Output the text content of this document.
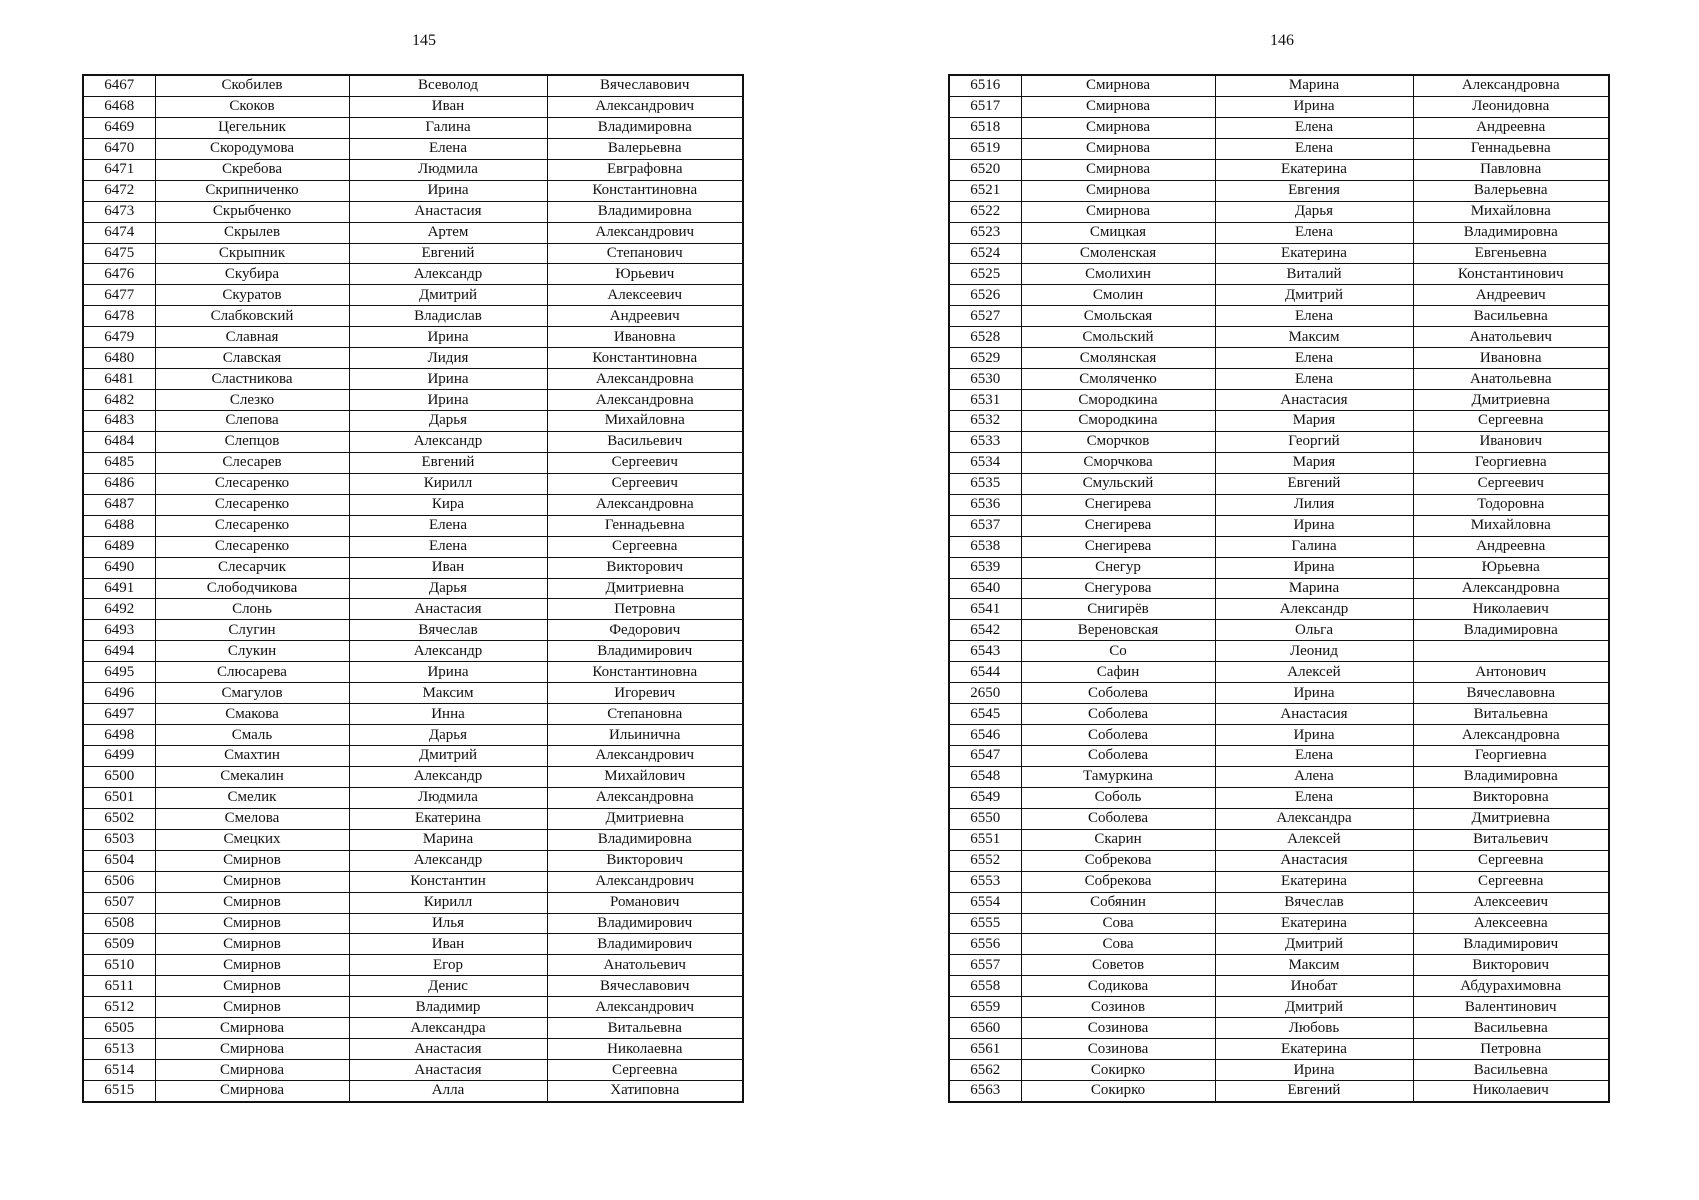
145
6467	Скобилев	Всеволод	Вячеславович
6468	Скоков	Иван	Александрович
6469	Цегельник	Галина	Владимировна
6470	Скородумова	Елена	Валерьевна
6471	Скребова	Людмила	Евграфовна
6472	Скрипниченко	Ирина	Константиновна
6473	Скрыбченко	Анастасия	Владимировна
6474	Скрылев	Артем	Александрович
6475	Скрыпник	Евгений	Степанович
6476	Скубира	Александр	Юрьевич
6477	Скуратов	Дмитрий	Алексеевич
6478	Слабковский	Владислав	Андреевич
6479	Славная	Ирина	Ивановна
6480	Славская	Лидия	Константиновна
6481	Сластникова	Ирина	Александровна
6482	Слезко	Ирина	Александровна
6483	Слепова	Дарья	Михайловна
6484	Слепцов	Александр	Васильевич
6485	Слесарев	Евгений	Сергеевич
6486	Слесаренко	Кирилл	Сергеевич
6487	Слесаренко	Кира	Александровна
6488	Слесаренко	Елена	Геннадьевна
6489	Слесаренко	Елена	Сергеевна
6490	Слесарчик	Иван	Викторович
6491	Слободчикова	Дарья	Дмитриевна
6492	Слонь	Анастасия	Петровна
6493	Слугин	Вячеслав	Федорович
6494	Слукин	Александр	Владимирович
6495	Слюсарева	Ирина	Константиновна
6496	Смагулов	Максим	Игоревич
6497	Смакова	Инна	Степановна
6498	Смаль	Дарья	Ильинична
6499	Смахтин	Дмитрий	Александрович
6500	Смекалин	Александр	Михайлович
6501	Смелик	Людмила	Александровна
6502	Смелова	Екатерина	Дмитриевна
6503	Смецких	Марина	Владимировна
6504	Смирнов	Александр	Викторович
6506	Смирнов	Константин	Александрович
6507	Смирнов	Кирилл	Романович
6508	Смирнов	Илья	Владимирович
6509	Смирнов	Иван	Владимирович
6510	Смирнов	Егор	Анатольевич
6511	Смирнов	Денис	Вячеславович
6512	Смирнов	Владимир	Александрович
6505	Смирнова	Александра	Витальевна
6513	Смирнова	Анастасия	Николаевна
6514	Смирнова	Анастасия	Сергеевна
6515	Смирнова	Алла	Хатиповна
146
6516	Смирнова	Марина	Александровна
6517	Смирнова	Ирина	Леонидовна
6518	Смирнова	Елена	Андреевна
6519	Смирнова	Елена	Геннадьевна
6520	Смирнова	Екатерина	Павловна
6521	Смирнова	Евгения	Валерьевна
6522	Смирнова	Дарья	Михайловна
6523	Смицкая	Елена	Владимировна
6524	Смоленская	Екатерина	Евгеньевна
6525	Смолихин	Виталий	Константинович
6526	Смолин	Дмитрий	Андреевич
6527	Смольская	Елена	Васильевна
6528	Смольский	Максим	Анатольевич
6529	Смолянская	Елена	Ивановна
6530	Смоляченко	Елена	Анатольевна
6531	Смородкина	Анастасия	Дмитриевна
6532	Смородкина	Мария	Сергеевна
6533	Сморчков	Георгий	Иванович
6534	Сморчкова	Мария	Георгиевна
6535	Смульский	Евгений	Сергеевич
6536	Снегирева	Лилия	Тодоровна
6537	Снегирева	Ирина	Михайловна
6538	Снегирева	Галина	Андреевна
6539	Снегур	Ирина	Юрьевна
6540	Снегурова	Марина	Александровна
6541	Снигирёв	Александр	Николаевич
6542	Вереновская	Ольга	Владимировна
6543	Со	Леонид	
6544	Сафин	Алексей	Антонович
2650	Соболева	Ирина	Вячеславовна
6545	Соболева	Анастасия	Витальевна
6546	Соболева	Ирина	Александровна
6547	Соболева	Елена	Георгиевна
6548	Тамуркина	Алена	Владимировна
6549	Соболь	Елена	Викторовна
6550	Соболева	Александра	Дмитриевна
6551	Скарин	Алексей	Витальевич
6552	Собрекова	Анастасия	Сергеевна
6553	Собрекова	Екатерина	Сергеевна
6554	Собянин	Вячеслав	Алексеевич
6555	Сова	Екатерина	Алексеевна
6556	Сова	Дмитрий	Владимирович
6557	Советов	Максим	Викторович
6558	Содикова	Инобат	Абдурахимовна
6559	Созинов	Дмитрий	Валентинович
6560	Созинова	Любовь	Васильевна
6561	Созинова	Екатерина	Петровна
6562	Сокирко	Ирина	Васильевна
6563	Сокирко	Евгений	Николаевич
